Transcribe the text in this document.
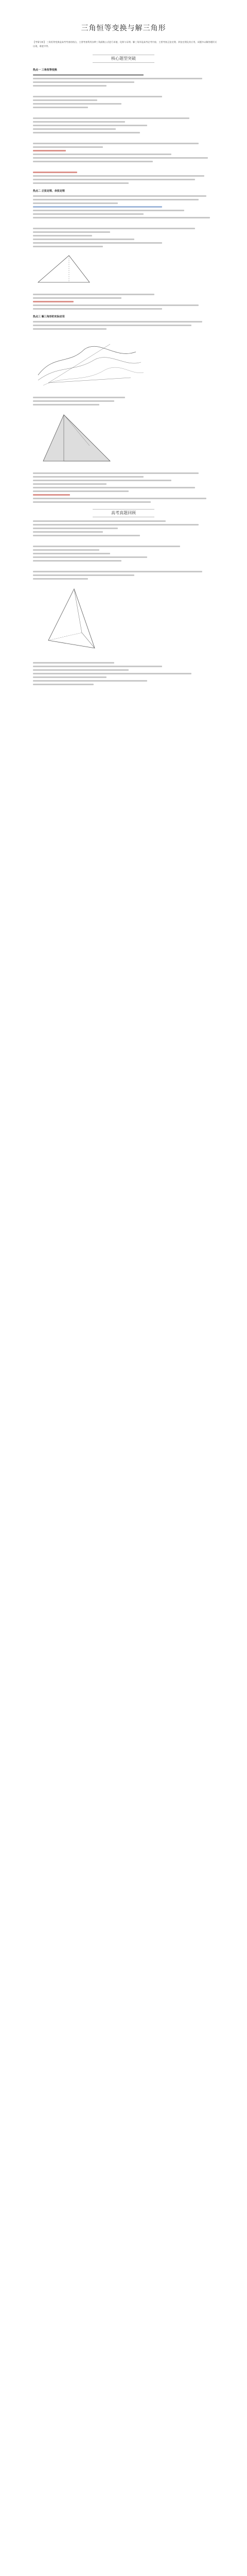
三角恒等变换与解三角形
【考情分析】 三角恒等变换是高考考查的热点，主要考查利用各种三角函数公式进行求值、化简与证明；解三角形是高考必考内容，主要考查正弦定理、余弦定理及其应用，试题多以解答题形式出现，难度中等。
核心题型突破
热点一 三角恒等变换
热点二 正弦定理、余弦定理
热点三 解三角形的实际应用
高考真题回顾
